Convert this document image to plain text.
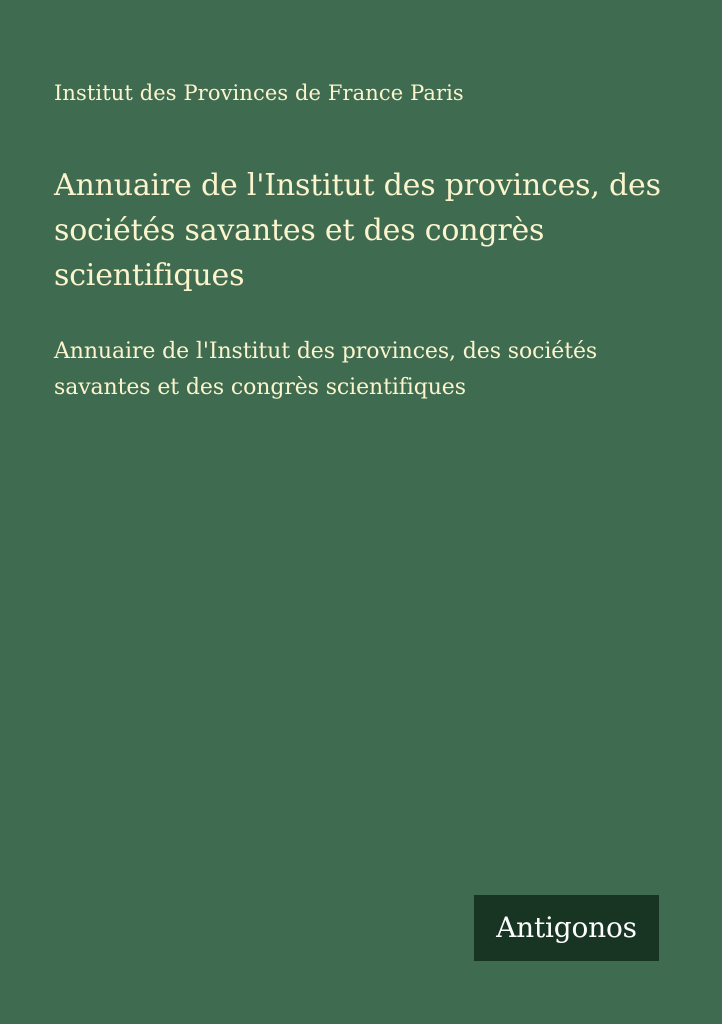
Institut des Provinces de France Paris
Annuaire de l'Institut des provinces, des sociétés savantes et des congrès scientifiques
Annuaire de l'Institut des provinces, des sociétés savantes et des congrès scientifiques
Antigonos
